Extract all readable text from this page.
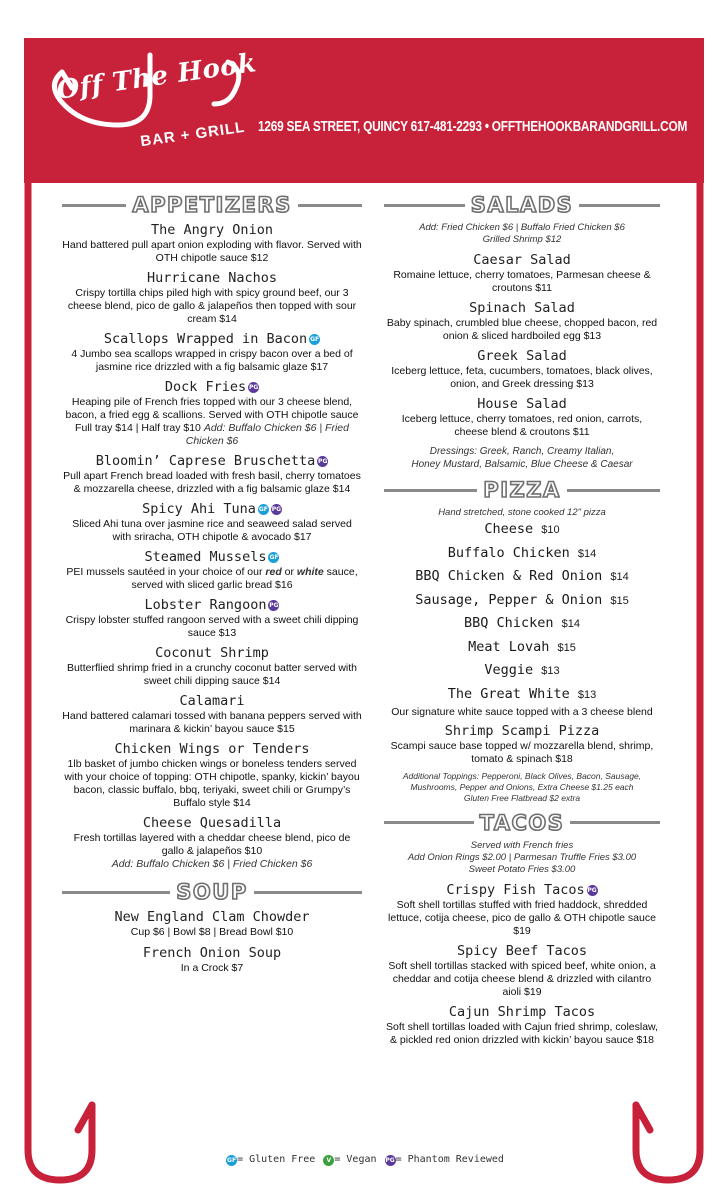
Off The Hook
BAR + GRILL 1269 SEA STREET, QUINCY 617-481-2293 • OFFTHEHOOKBARANDGRILL.COM
APPETIZERS
The Angry Onion
Hand battered pull apart onion exploding with flavor. Served with OTH chipotle sauce $12
Hurricane Nachos
Crispy tortilla chips piled high with spicy ground beef, our 3 cheese blend, pico de gallo & jalapeños then topped with sour cream $14
Scallops Wrapped in Bacon GF
4 Jumbo sea scallops wrapped in crispy bacon over a bed of jasmine rice drizzled with a fig balsamic glaze $17
Dock Fries PG
Heaping pile of French fries topped with our 3 cheese blend, bacon, a fried egg & scallions. Served with OTH chipotle sauce Full tray $14 | Half tray $10 Add: Buffalo Chicken $6 | Fried Chicken $6
Bloomin’ Caprese Bruschetta PG
Pull apart French bread loaded with fresh basil, cherry tomatoes & mozzarella cheese, drizzled with a fig balsamic glaze $14
Spicy Ahi Tuna GF PG
Sliced Ahi tuna over jasmine rice and seaweed salad served with sriracha, OTH chipotle & avocado $17
Steamed Mussels GF
PEI mussels sautéed in your choice of our red or white sauce, served with sliced garlic bread $16
Lobster Rangoon PG
Crispy lobster stuffed rangoon served with a sweet chili dipping sauce $13
Coconut Shrimp
Butterflied shrimp fried in a crunchy coconut batter served with sweet chili dipping sauce $14
Calamari
Hand battered calamari tossed with banana peppers served with marinara & kickin’ bayou sauce $15
Chicken Wings or Tenders
1lb basket of jumbo chicken wings or boneless tenders served with your choice of topping: OTH chipotle, spanky, kickin’ bayou bacon, classic buffalo, bbq, teriyaki, sweet chili or Grumpy’s Buffalo style $14
Cheese Quesadilla
Fresh tortillas layered with a cheddar cheese blend, pico de gallo & jalapeños $10
Add: Buffalo Chicken $6 | Fried Chicken $6
SOUP
New England Clam Chowder
Cup $6 | Bowl $8 | Bread Bowl $10
French Onion Soup
In a Crock $7
SALADS
Add: Fried Chicken $6 | Buffalo Fried Chicken $6
Grilled Shrimp $12
Caesar Salad
Romaine lettuce, cherry tomatoes, Parmesan cheese & croutons $11
Spinach Salad
Baby spinach, crumbled blue cheese, chopped bacon, red onion & sliced hardboiled egg $13
Greek Salad
Iceberg lettuce, feta, cucumbers, tomatoes, black olives, onion, and Greek dressing $13
House Salad
Iceberg lettuce, cherry tomatoes, red onion, carrots, cheese blend & croutons $11
Dressings: Greek, Ranch, Creamy Italian,
Honey Mustard, Balsamic, Blue Cheese & Caesar
PIZZA
Hand stretched, stone cooked 12" pizza
Cheese $10
Buffalo Chicken $14
BBQ Chicken & Red Onion $14
Sausage, Pepper & Onion $15
BBQ Chicken $14
Meat Lovah $15
Veggie $13
The Great White $13
Our signature white sauce topped with a 3 cheese blend
Shrimp Scampi Pizza
Scampi sauce base topped w/ mozzarella blend, shrimp, tomato & spinach $18
Additional Toppings: Pepperoni, Black Olives, Bacon, Sausage,
Mushrooms, Pepper and Onions, Extra Cheese $1.25 each
Gluten Free Flatbread $2 extra
TACOS
Served with French fries
Add Onion Rings $2.00 | Parmesan Truffle Fries $3.00
Sweet Potato Fries $3.00
Crispy Fish Tacos PG
Soft shell tortillas stuffed with fried haddock, shredded lettuce, cotija cheese, pico de gallo & OTH chipotle sauce $19
Spicy Beef Tacos
Soft shell tortillas stacked with spiced beef, white onion, a cheddar and cotija cheese blend & drizzled with cilantro aioli $19
Cajun Shrimp Tacos
Soft shell tortillas loaded with Cajun fried shrimp, coleslaw, & pickled red onion drizzled with kickin’ bayou sauce $18
GF= Gluten Free V = Vegan PG= Phantom Reviewed
